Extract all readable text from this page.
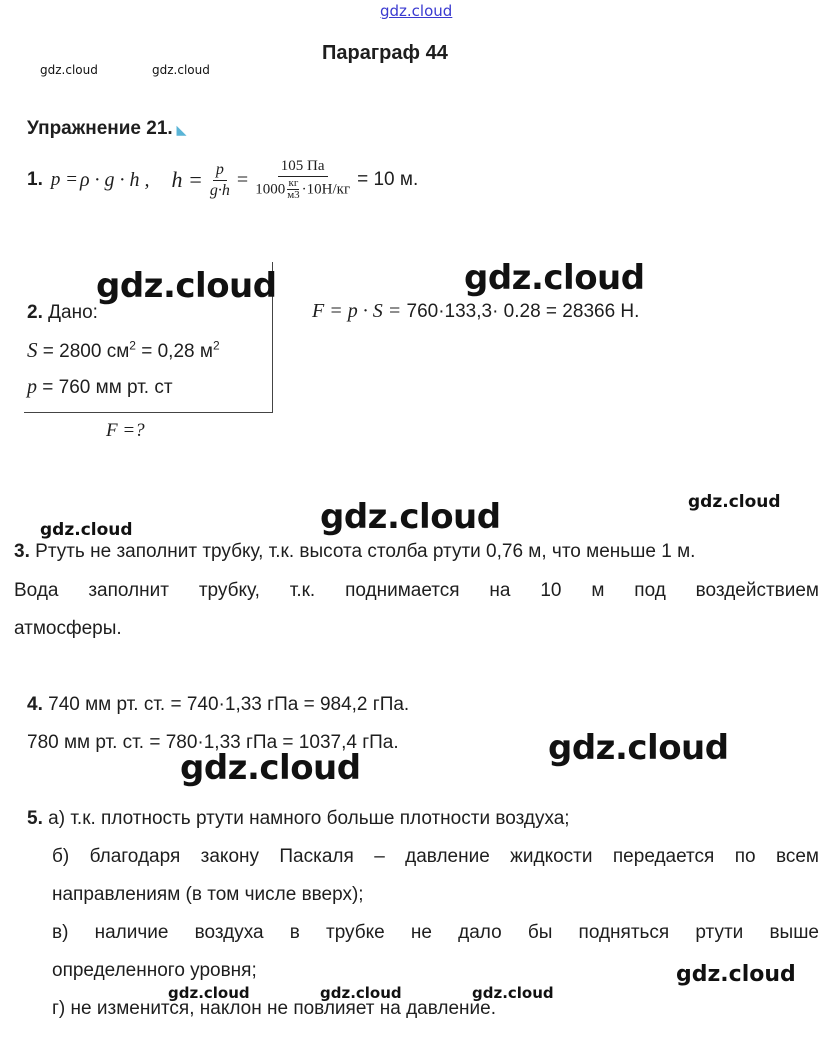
gdz.cloud
gdz.cloud	gdz.cloud
Параграф 44
Упражнение 21. ◣
1. p = ρ · g · h , $h = \frac{p}{g\cdot h} = \frac{105 Па}{1000 \frac{кг}{м3} \cdot 10Н/кг} = 10$ м.
gdz.cloud	gdz.cloud
2. Дано:
S = 2800 $см^2 = 0,28$ $м^2$
p = 760 мм рт. ст
F =?
F = p · S = 760·133,3· 0.28 = 28366 Н.
gdz.cloud
gdz.cloud	gdz.cloud
3. Ртуть не заполнит трубку, т.к. высота столба ртути 0,76 м, что меньше 1 м.
Вода заполнит трубку, т.к. поднимается на 10 м под воздействием
атмосферы.
4. 740 мм рт. ст. = 740·1,33 гПа = 984,2 гПа.
780 мм рт. ст. = 780·1,33 гПа = 1037,4 гПа.	gdz.cloud
gdz.cloud
5. а) т.к. плотность ртути намного больше плотности воздуха;
б) благодаря закону Паскаля – давление жидкости передается по всем
направлениям (в том числе вверх);
в) наличие воздуха в трубке не дало бы подняться ртути выше
определенного уровня;	gdz.cloud
gdz.cloud	gdz.cloud	gdz.cloud
г) не изменится, наклон не повлияет на давление.
